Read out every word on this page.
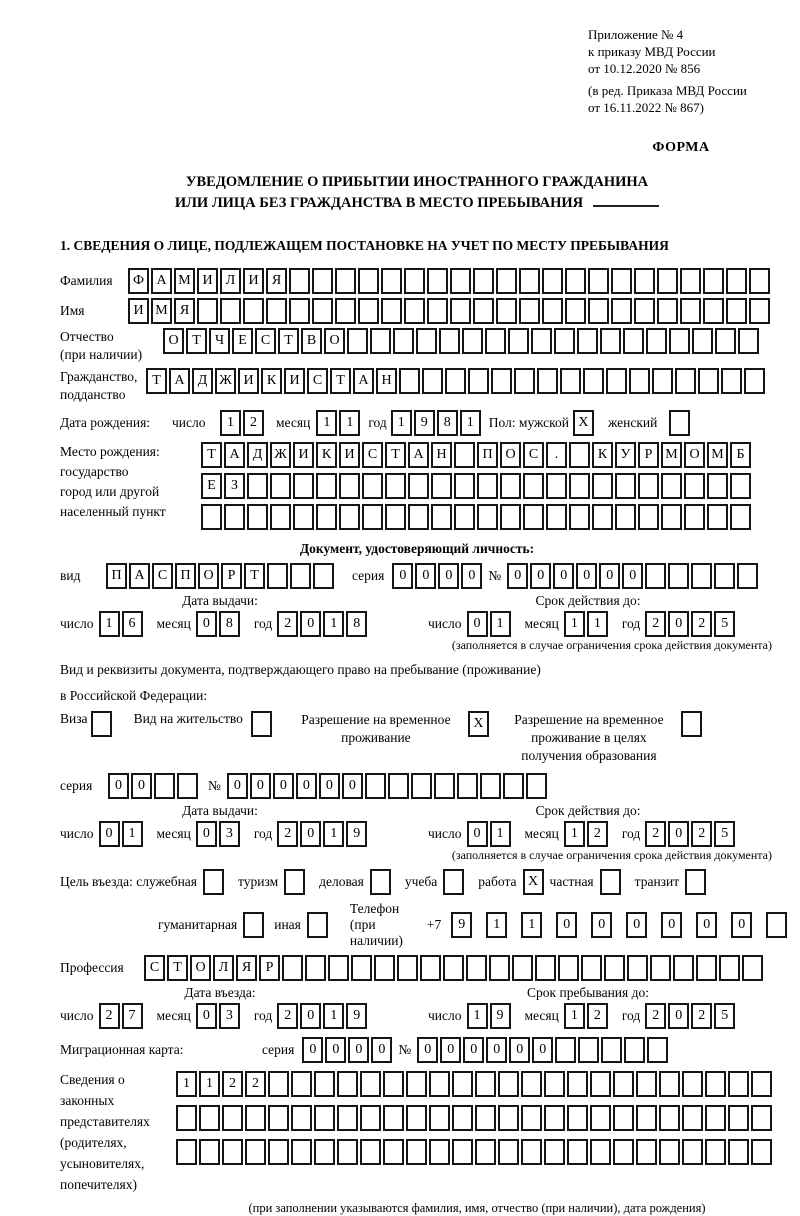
Приложение № 4
к приказу МВД России
от 10.12.2020 № 856
(в ред. Приказа МВД России
от 16.11.2022 № 867)
ФОРМА
УВЕДОМЛЕНИЕ О ПРИБЫТИИ ИНОСТРАННОГО ГРАЖДАНИНА
ИЛИ ЛИЦА БЕЗ ГРАЖДАНСТВА В МЕСТО ПРЕБЫВАНИЯ
1. СВЕДЕНИЯ О ЛИЦЕ, ПОДЛЕЖАЩЕМ ПОСТАНОВКЕ НА УЧЕТ ПО МЕСТУ ПРЕБЫВАНИЯ
Фамилия	Ф А М И Л И Я
Имя	И М Я
Отчество
(при наличии)
О Т	Ч	Е	С	Т	В О
Гражданство,
подданство
Т А Д Ж И К И С	Т А Н
Дата рождения:	число	1	2	месяц 1	1	год 1	9	8	1	Пол: мужской X	женский
Место рождения:
государство
город или другой
населенный пункт
Т А Д Ж И К И С	Т А Н	П О С	.	К У	Р М О М Б
Е	З
Документ, удостоверяющий личность:
вид	П А С П О	Р	Т	серия	0	0	0	0 № 0	0	0	0	0	0
Дата выдачи:
число 1	6	месяц 0	8	год 2	0	1	8
Срок действия до:
число 0	1	месяц 1	1	год 2	0	2	5
(заполняется в случае ограничения срока действия документа)
Вид и реквизиты документа, подтверждающего право на пребывание (проживание)
в Российской Федерации:
Виза	Вид на жительство	Разрешение на временное проживание
X	Разрешение на временное проживание в целях получения образования
серия	0	0	№ 0	0	0	0	0	0
Дата выдачи:
число 0	1	месяц 0	3	год 2	0	1	9
Срок действия до:
число 0	1	месяц 1	2	год 2	0	2	5
(заполняется в случае ограничения срока действия документа)
Цель въезда: служебная	туризм	деловая	учеба	работа X частная	транзит
гуманитарная	иная
Телефон (при наличии)
+7	9	1	1	0	0	0	0	0	0
Профессия	С	Т О Л Я	Р
Дата въезда:
число 2	7	месяц 0	3	год 2	0	1	9
Срок пребывания до:
число 1	9	месяц 1	2	год 2	0	2	5
Миграционная карта:	серия	0	0	0	0 № 0	0	0	0	0	0
Сведения о законных представителях (родителях, усыновителях, попечителях)
1	1	2	2
(при заполнении указываются фамилия, имя, отчество (при наличии), дата рождения)
